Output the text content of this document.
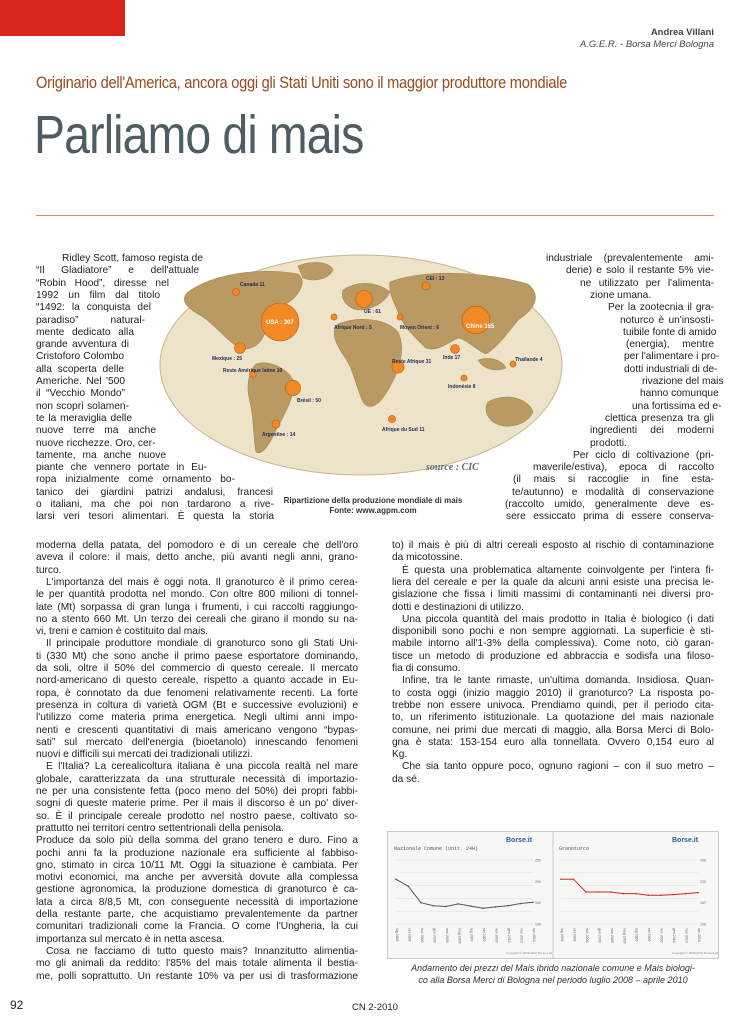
Andrea Villani
A.G.E.R. - Borsa Merci Bologna
Originario dell'America, ancora oggi gli Stati Uniti sono il maggior produttore mondiale
Parliamo di mais
Ridley Scott, famoso regista de
“Il Gladiatore” e dell'attuale
“Robin Hood”, diresse nel
1992 un film dal titolo
“1492: la conquista del
paradiso” natural-
mente dedicato alla
grande avventura di
Cristoforo Colombo
alla scoperta delle
Americhe. Nel '500
il “Vecchio Mondo”
non scoprì solamen-
te la meraviglia delle
nuove terre ma anche
nuove ricchezze. Oro, cer-
tamente, ma anche nuove
piante che vennero portate in Eu-
ropa inizialmente come ornamento bo-
tanico dei giardini patrizi andalusi, francesi
o italiani, ma che poi non tardarono a rive-
larsi veri tesori alimentari. È questa la storia
moderna della patata, del pomodoro e di un cereale che dell'oro
aveva il colore: il mais, detto anche, più avanti negli anni, grano-
turco.
L'importanza del mais è oggi nota. Il granoturco è il primo cerea-
le per quantità prodotta nel mondo. Con oltre 800 milioni di tonnel-
late (Mt) sorpassa di gran lunga i frumenti, i cui raccolti raggiungo-
no a stento 660 Mt. Un terzo dei cereali che girano il mondo su na-
vi, treni e camion è costituito dal mais.
Il principale produttore mondiale di granoturco sono gli Stati Uni-
ti (330 Mt) che sono anche il primo paese esportatore dominando,
da soli, oltre il 50% del commercio di questo cereale. Il mercato
nord-americano di questo cereale, rispetto a quanto accade in Eu-
ropa, è connotato da due fenomeni relativamente recenti. La forte
presenza in coltura di varietà OGM (Bt e successive evoluzioni) e
l'utilizzo come materia prima energetica. Negli ultimi anni impo-
nenti e crescenti quantitativi di mais americano vengono “bypas-
sati” sul mercato dell'energia (bioetanolo) innescando fenomeni
nuovi e difficili sui mercati dei tradizionali utilizzi.
E l'Italia? La cerealicoltura italiana è una piccola realtà nel mare
globale, caratterizzata da una strutturale necessità di importazio-
ne per una consistente fetta (poco meno del 50%) dei propri fabbi-
sogni di queste materie prime. Per il mais il discorso è un po' diver-
so. È il principale cereale prodotto nel nostro paese, coltivato so-
prattutto nei territori centro settentrionali della penisola.
Produce da solo più della somma del grano tenero e duro. Fino a
pochi anni fa la produzione nazionale era sufficiente al fabbiso-
gno, stimato in circa 10/11 Mt. Oggi la situazione è cambiata. Per
motivi economici, ma anche per avversità dovute alla complessa
gestione agronomica, la produzione domestica di granoturco è ca-
lata a circa 8/8,5 Mt, con conseguente necessità di importazione
della restante parte, che acquistiamo prevalentemente da partner
comunitari tradizionali come la Francia. O come l'Ungheria, la cui
importanza sul mercato è in netta ascesa.
Cosa ne facciamo di tutto questo mais? Innanzitutto alimentia-
mo gli animali da reddito: l'85% del mais totale alimenta il bestia-
me, polli soprattutto. Un restante 10% va per usi di trasformazione
industriale (prevalentemente ami-
derie) e solo il restante 5% vie-
ne utilizzato per l'alimenta-
zione umana.
Per la zootecnia il gra-
noturco è un'insosti-
tuibile fonte di amido
(energia), mentre
per l'alimentare i pro-
dotti industriali di de-
rivazione del mais
hanno comunque
una fortissima ed e-
clettica presenza tra gli
ingredienti dei moderni
prodotti.
Per ciclo di coltivazione (pri-
maverile/estiva), epoca di raccolto
(il mais si raccoglie in fine esta-
te/autunno) e modalità di conservazione
(raccolto umido, generalmente deve es-
sere essiccato prima di essere conserva-
to) il mais è più di altri cereali esposto al rischio di contaminazione
da micotossine.
È questa una problematica altamente coinvolgente per l'intera fi-
liera del cereale e per la quale da alcuni anni esiste una precisa le-
gislazione che fissa i limiti massimi di contaminanti nei diversi pro-
dotti e destinazioni di utilizzo.
Una piccola quantità del mais prodotto in Italia è biologico (i dati
disponibili sono pochi e non sempre aggiornati. La superficie è sti-
mabile intorno all'1-3% della complessiva). Come noto, ciò garan-
tisce un metodo di produzione ed abbraccia e sodisfa una filoso-
fia di consumo.
Infine, tra le tante rimaste, un'ultima domanda. Insidiosa. Quan-
to costa oggi (inizio maggio 2010) il granoturco? La risposta po-
trebbe non essere univoca. Prendiamo quindi, per il periodo cita-
to, un riferimento istituzionale. La quotazione del mais nazionale
comune, nei primi due mercati di maggio, alla Borsa Merci di Bolo-
gna è stata: 153-154 euro alla tonnellata. Ovvero 0,154 euro al
Kg.
Che sia tanto oppure poco, ognuno ragioni – con il suo metro –
da sé.
Canada 11
UE : 61
CEI : 13
USA : 307
Afrique Nord : 5	Moyen Orient : 6	Chine 165
Mexique : 25	Inde 17	Thaïlande 4
Reste Afrique 31
Reste Amérique latine 10
Indonésie 8
Brésil : 50
Afrique du Sud 11
Argentine : 14
source : CIC
Ripartizione della produzione mondiale di mais
Fonte: www.agpm.com
100
150
200
250
lug 2008 set 2008 nov 2008 gen 2009 mar 2009 mag 2009 lug 2009 set 2009 nov 2009 gen 2010 mar 2010 apr 2010
100
167
233
300
lug 2008 set 2008 nov 2008 gen 2009 mar 2009 mag 2009 lug 2009 set 2009 nov 2009 gen 2010 mar 2010 apr 2010
Nazionale Comune (unit. 24H)	Granoturco
Borse.it	Borse.it
Copyright © 2009-2010 Borse.it srl	Copyright © 2009-2010 Borse.it srl
Andamento dei prezzi del Mais ibrido nazionale comune e Mais biologi-
co alla Borsa Merci di Bologna nel periodo luglio 2008 – aprile 2010
92	CN 2-2010
